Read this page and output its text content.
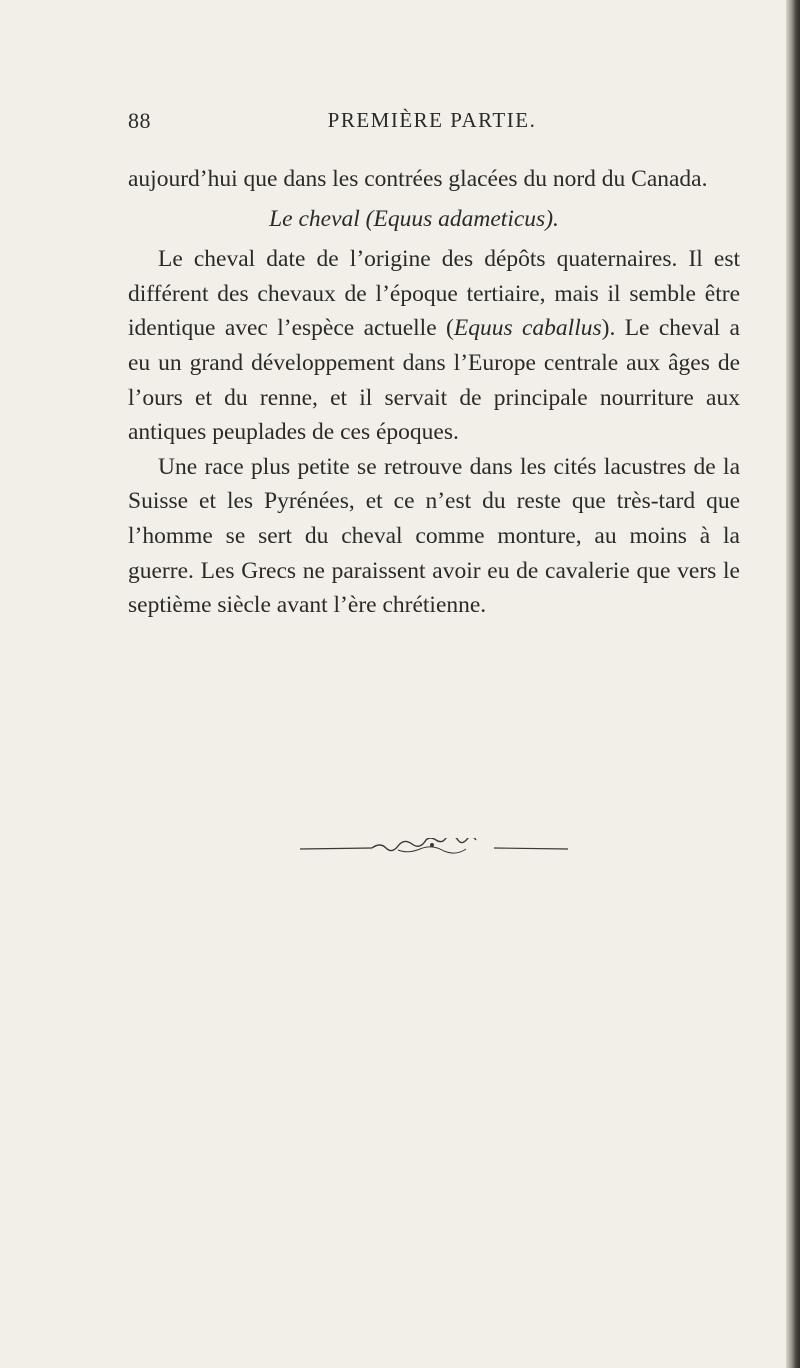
88	PREMIÈRE PARTIE.

aujourd’hui que dans les contrées glacées du nord du Canada.

Le cheval (Equus adameticus).

Le cheval date de l’origine des dépôts quaternaires. Il est différent des chevaux de l’époque tertiaire, mais il semble être identique avec l’espèce actuelle (Equus caballus). Le cheval a eu un grand développement dans l’Europe centrale aux âges de l’ours et du renne, et il servait de principale nourriture aux antiques peuplades de ces époques.

Une race plus petite se retrouve dans les cités lacustres de la Suisse et les Pyrénées, et ce n’est du reste que très-tard que l’homme se sert du cheval comme monture, au moins à la guerre. Les Grecs ne paraissent avoir eu de cavalerie que vers le septième siècle avant l’ère chrétienne.
